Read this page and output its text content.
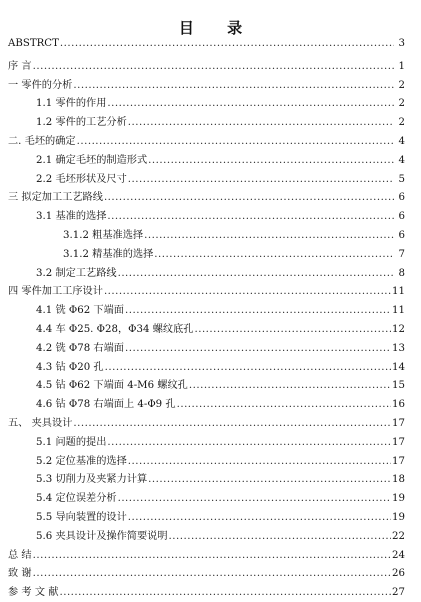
目 录
ABSTRCT .....	3
序 言 .....	1
一 零件的分析 .....	2
1.1 零件的作用 .....	2
1.2 零件的工艺分析 .....	2
二. 毛坯的确定 .....	4
2.1 确定毛坯的制造形式 .....	4
2.2 毛坯形状及尺寸 .....	5
三 拟定加工工艺路线 .....	6
3.1 基准的选择 .....	6
3.1.2 粗基准选择 .....	6
3.1.2 精基准的选择 .....	7
3.2 制定工艺路线 .....	8
四 零件加工工序设计 .....	11
4.1 铣 Φ62 下端面 .....	11
4.4 车 Φ25. Φ28，Φ34 螺纹底孔 .....	12
4.2 铣 Φ78 右端面 .....	13
4.3 钻 Φ20 孔 .....	14
4.5 钻 Φ62 下端面 4-M6 螺纹孔 .....	15
4.6 钻 Φ78 右端面上 4-Φ9 孔 .....	16
五、 夹具设计 .....	17
5.1 问题的提出 .....	17
5.2 定位基准的选择 .....	17
5.3 切削力及夹紧力计算 .....	18
5.4 定位误差分析 .....	19
5.5 导向装置的设计 .....	19
5.6 夹具设计及操作简要说明 .....	22
总 结 .....	24
致 谢 .....	26
参 考 文 献 .....	27
